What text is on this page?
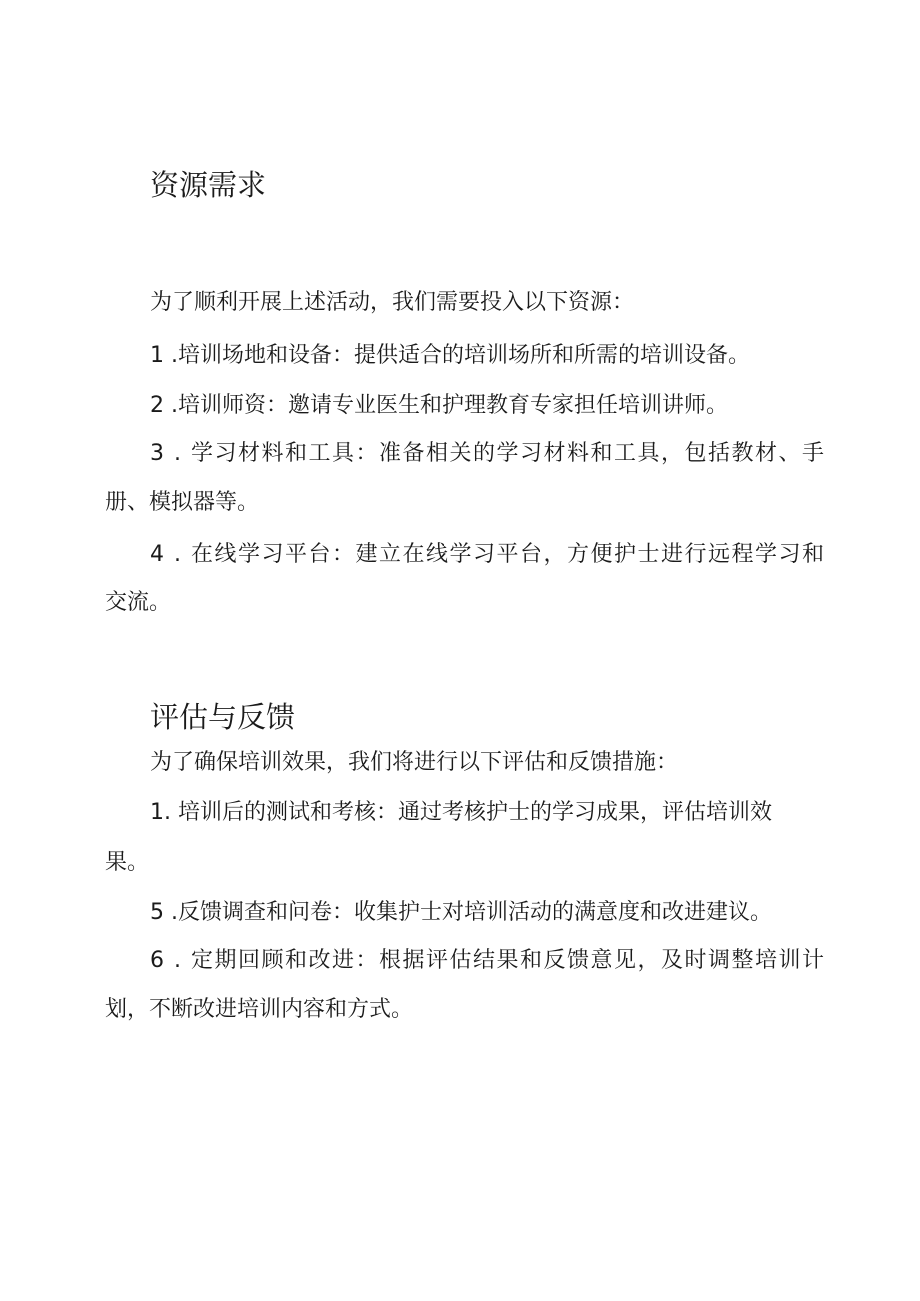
资源需求

为了顺利开展上述活动，我们需要投入以下资源：

1 .培训场地和设备：提供适合的培训场所和所需的培训设备。

2 .培训师资：邀请专业医生和护理教育专家担任培训讲师。

3 . 学习材料和工具：准备相关的学习材料和工具，包括教材、手

册、模拟器等。

4 . 在线学习平台：建立在线学习平台，方便护士进行远程学习和

交流。

评估与反馈

为了确保培训效果，我们将进行以下评估和反馈措施：

1. 培训后的测试和考核：通过考核护士的学习成果，评估培训效

果。

5 .反馈调查和问卷：收集护士对培训活动的满意度和改进建议。

6 . 定期回顾和改进：根据评估结果和反馈意见，及时调整培训计

划，不断改进培训内容和方式。
